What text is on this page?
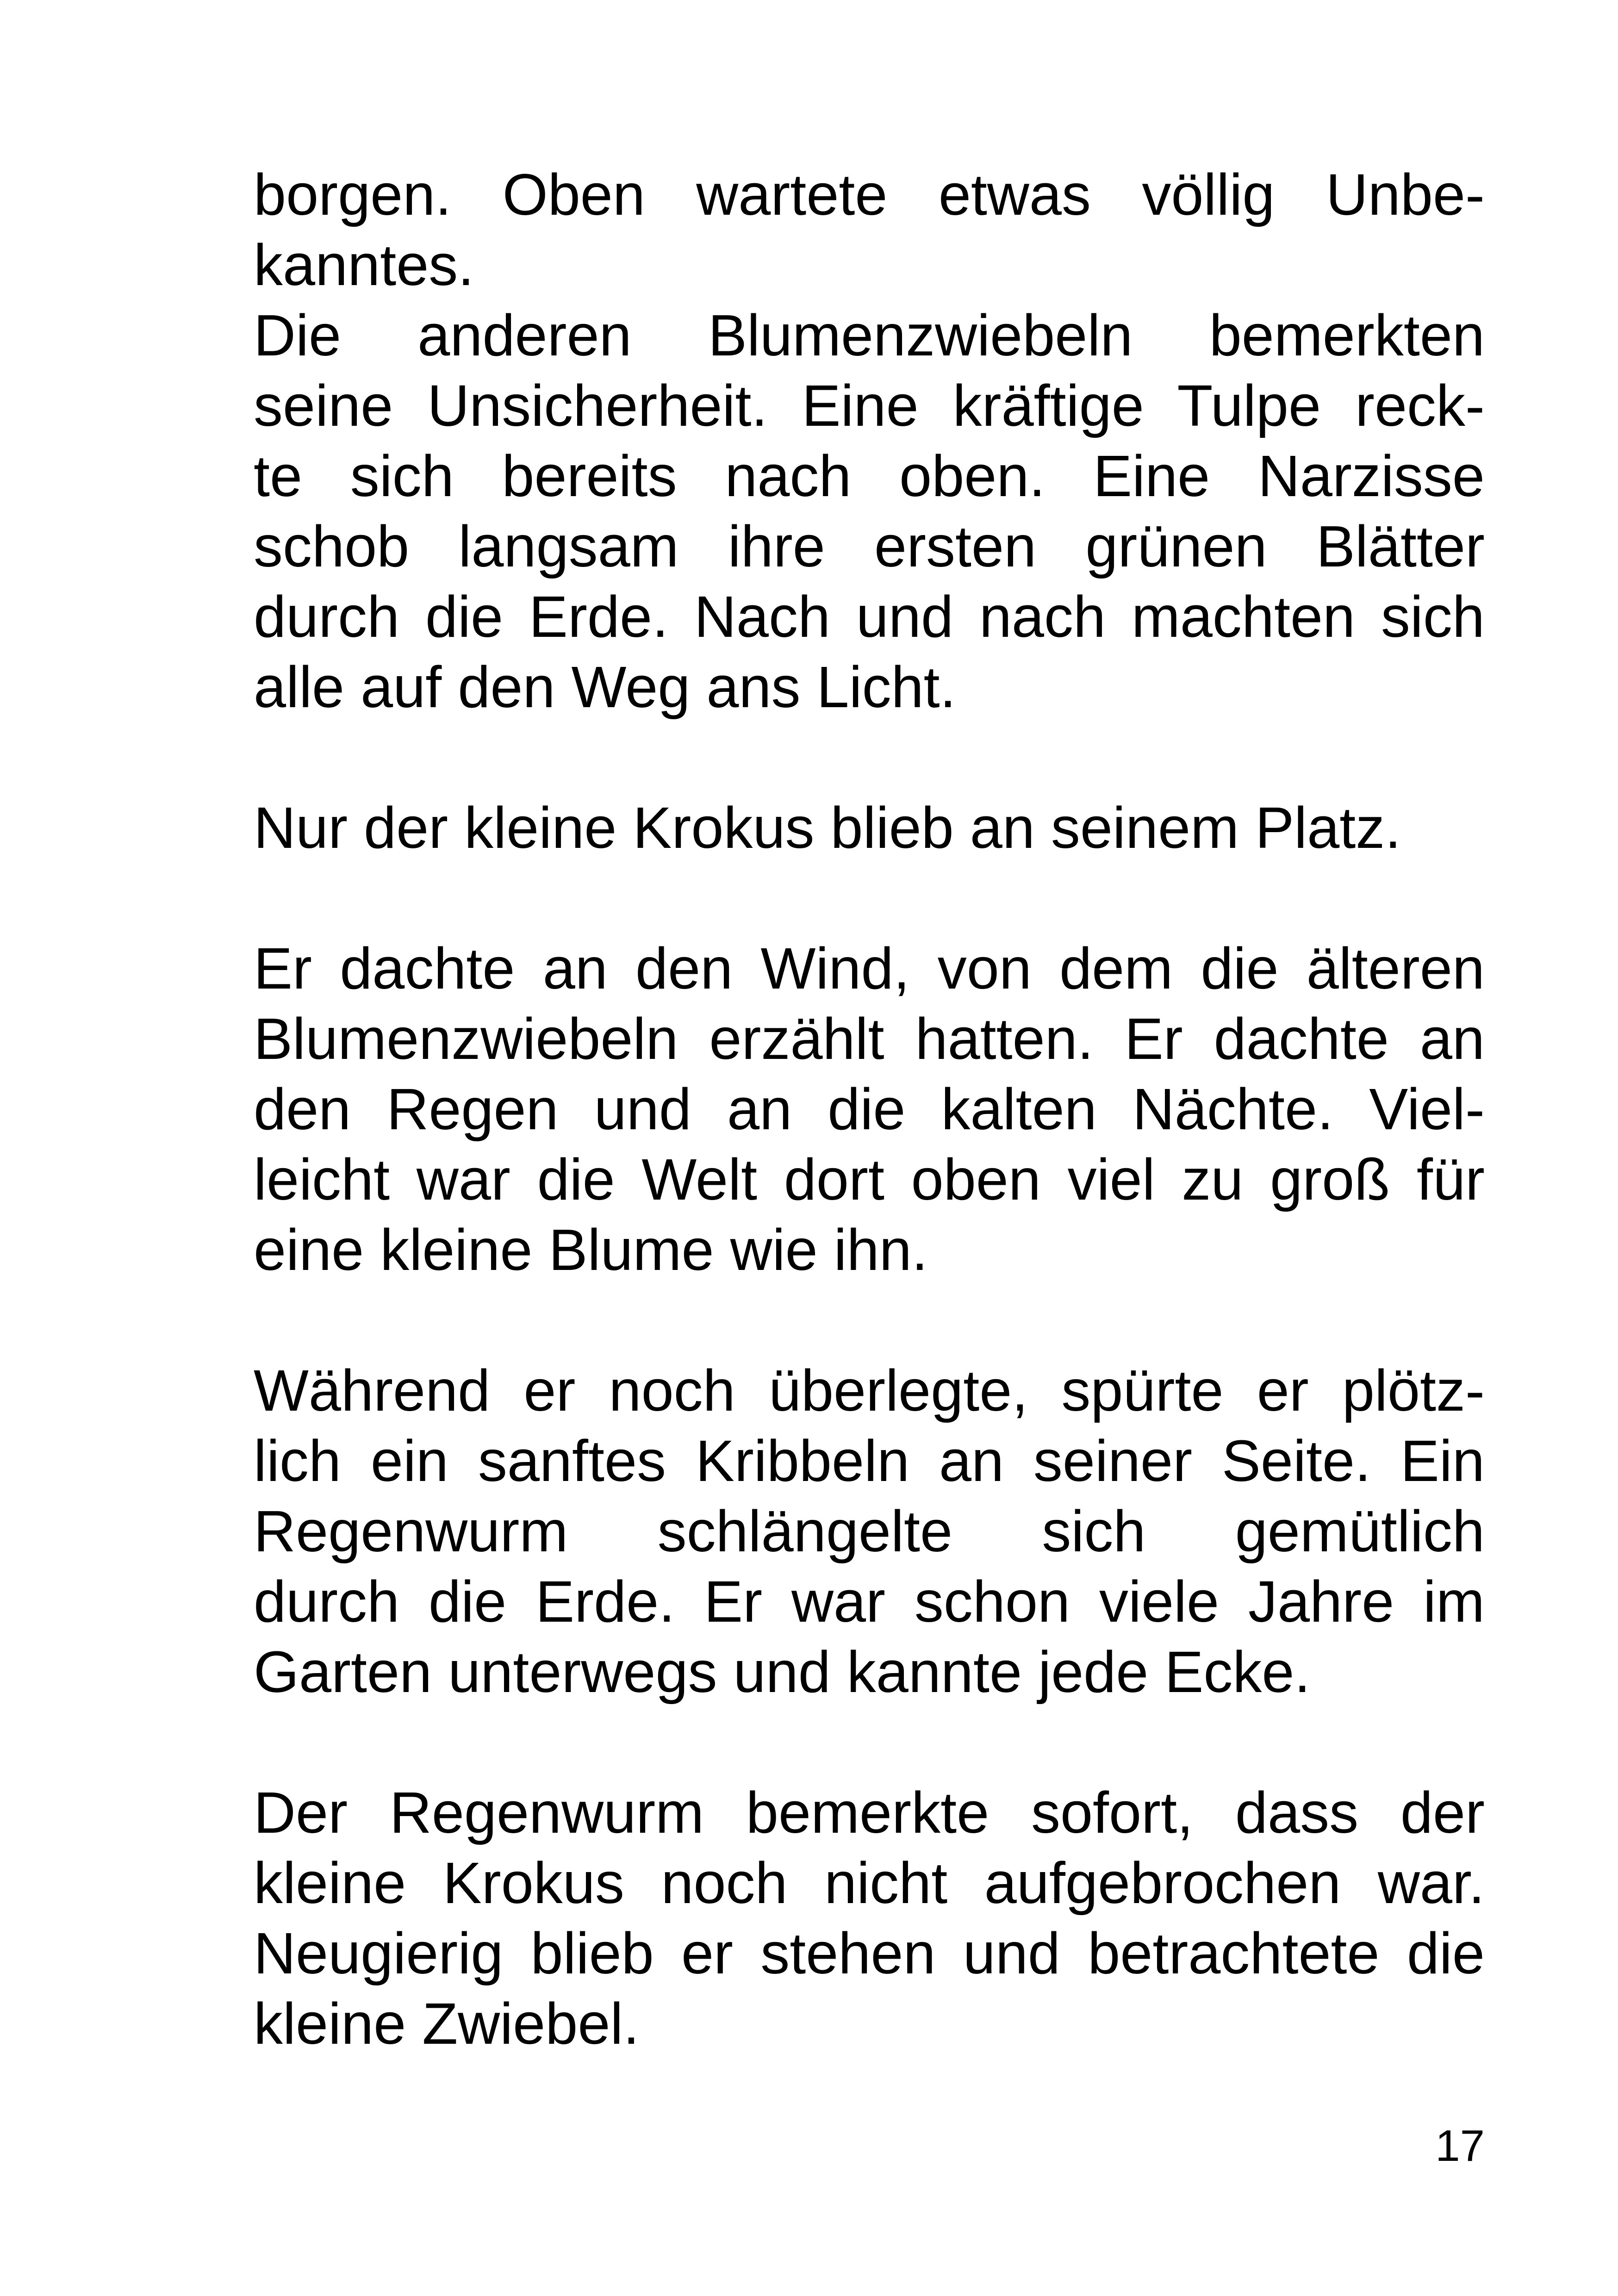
borgen. Oben wartete etwas völlig Unbe-
kanntes.
Die anderen Blumenzwiebeln bemerkten
seine Unsicherheit. Eine kräftige Tulpe reck-
te sich bereits nach oben. Eine Narzisse
schob langsam ihre ersten grünen Blätter
durch die Erde. Nach und nach machten sich
alle auf den Weg ans Licht.
Nur der kleine Krokus blieb an seinem Platz.
Er dachte an den Wind, von dem die älteren
Blumenzwiebeln erzählt hatten. Er dachte an
den Regen und an die kalten Nächte. Viel-
leicht war die Welt dort oben viel zu groß für
eine kleine Blume wie ihn.
Während er noch überlegte, spürte er plötz-
lich ein sanftes Kribbeln an seiner Seite. Ein
Regenwurm schlängelte sich gemütlich
durch die Erde. Er war schon viele Jahre im
Garten unterwegs und kannte jede Ecke.
Der Regenwurm bemerkte sofort, dass der
kleine Krokus noch nicht aufgebrochen war.
Neugierig blieb er stehen und betrachtete die
kleine Zwiebel.
17
